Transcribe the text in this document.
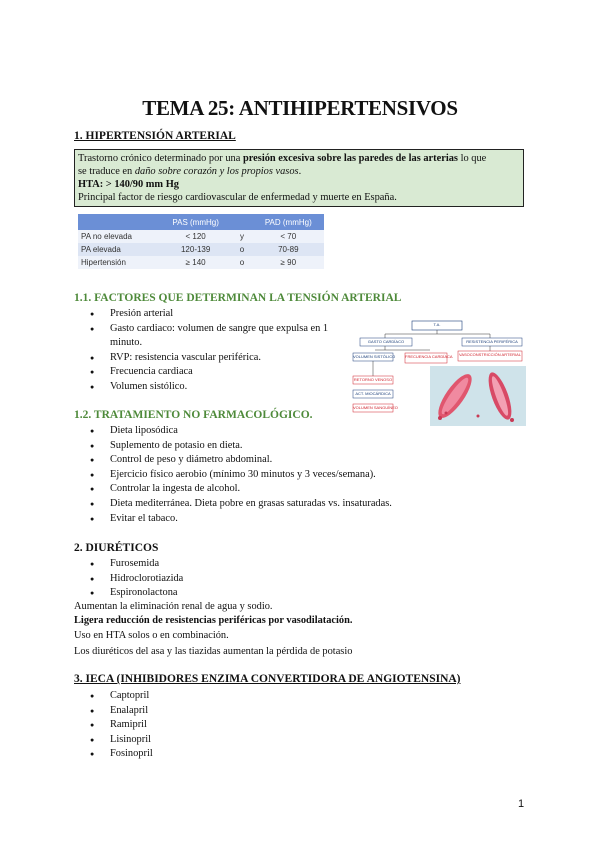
TEMA 25: ANTIHIPERTENSIVOS
1. HIPERTENSIÓN ARTERIAL
Trastorno crónico determinado por una presión excesiva sobre las paredes de las arterias lo que
se traduce en daño sobre corazón y los propios vasos.
HTA: > 140/90 mm Hg
Principal factor de riesgo cardiovascular de enfermedad y muerte en España.
	PAS (mmHg)		PAD (mmHg)
PA no elevada	< 120	y	< 70
PA elevada	120-139	o	70-89
Hipertensión	≥ 140	o	≥ 90
1.1. FACTORES QUE DETERMINAN LA TENSIÓN ARTERIAL
● Presión arterial
● Gasto cardiaco: volumen de sangre que expulsa en 1 minuto.
● RVP: resistencia vascular periférica.
● Frecuencia cardiaca
● Volumen sistólico.
T.A.
GASTO CARDÍACO	RESISTENCIA PERIFÉRICA
VOLUMEN SISTÓLICO FRECUENCIA CARDÍACA VASOCONSTRICCIÓN ARTERIAL
RETORNO VENOSO
ACT. MIOCÁRDICA
VOLUMEN SANGUÍNEO
1.2. TRATAMIENTO NO FARMACOLÓGICO.
● Dieta liposódica
● Suplemento de potasio en dieta.
● Control de peso y diámetro abdominal.
● Ejercicio físico aerobio (mínimo 30 minutos y 3 veces/semana).
● Controlar la ingesta de alcohol.
● Dieta mediterránea. Dieta pobre en grasas saturadas vs. insaturadas.
● Evitar el tabaco.
2. DIURÉTICOS
● Furosemida
● Hidroclorotiazida
● Espironolactona
Aumentan la eliminación renal de agua y sodio.
Ligera reducción de resistencias periféricas por vasodilatación.
Uso en HTA solos o en combinación.
Los diuréticos del asa y las tiazidas aumentan la pérdida de potasio
3. IECA (INHIBIDORES ENZIMA CONVERTIDORA DE ANGIOTENSINA)
● Captopril
● Enalapril
● Ramipril
● Lisinopril
● Fosinopril
1
